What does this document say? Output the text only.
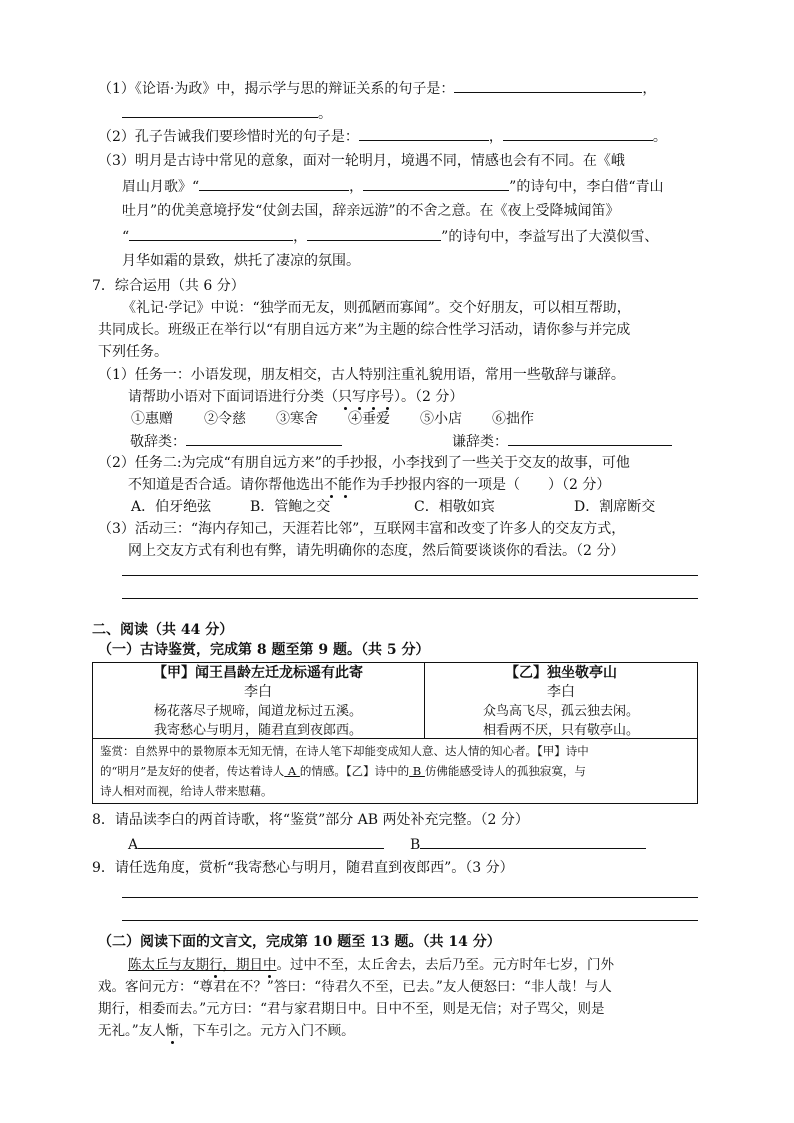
（1）《论语·为政》中，揭示学与思的辩证关系的句子是：	，
。
（2）孔子告诫我们要珍惜时光的句子是：	，	。
（3）明月是古诗中常见的意象，面对一轮明月，境遇不同，情感也会有不同。在《峨
眉山月歌》“	，	”的诗句中，李白借“青山
吐月”的优美意境抒发“仗剑去国，辞亲远游”的不舍之意。在《夜上受降城闻笛》
“	，	”的诗句中，李益写出了大漠似雪、
月华如霜的景致，烘托了凄凉的氛围。
7．综合运用（共 6 分）
《礼记·学记》中说：“独学而无友，则孤陋而寡闻”。交个好朋友，可以相互帮助，
共同成长。班级正在举行以“有朋自远方来”为主题的综合性学习活动，请你参与并完成
下列任务。
（1）任务一：小语发现，朋友相交，古人特别注重礼貌用语，常用一些敬辞与谦辞。
请帮助小语对下面词语进行分类（只写序号）。（2 分）
①惠赠 ②令慈 ③寒舍 ④垂爱 ⑤小店 ⑥拙作
敬辞类：	谦辞类：
（2）任务二:为完成“有朋自远方来”的手抄报，小李找到了一些关于交友的故事，可他
不知道是否合适。请你帮他选出不能作为手抄报内容的一项是（　　）（2 分）
A．伯牙绝弦	B．管鲍之交	C．相敬如宾	D．割席断交
（3）活动三：“海内存知己，天涯若比邻”，互联网丰富和改变了许多人的交友方式，
网上交友方式有利也有弊，请先明确你的态度，然后简要谈谈你的看法。（2 分）
二、阅读（共 44 分）
（一）古诗鉴赏，完成第 8 题至第 9 题。（共 5 分）
【甲】闻王昌龄左迁龙标遥有此寄
李白
杨花落尽子规啼，闻道龙标过五溪。
我寄愁心与明月，随君直到夜郎西。
【乙】独坐敬亭山
李白
众鸟高飞尽，孤云独去闲。
相看两不厌，只有敬亭山。
鉴赏：自然界中的景物原本无知无情，在诗人笔下却能变成知人意、达人情的知心者。【甲】诗中
的“明月”是友好的使者，传达着诗人 A 的情感。【乙】诗中的 B 仿佛能感受诗人的孤独寂寞，与
诗人相对而视，给诗人带来慰藉。
8．请品读李白的两首诗歌，将“鉴赏”部分 AB 两处补充完整。（2 分）
A	B
9．请任选角度，赏析“我寄愁心与明月，随君直到夜郎西”。（3 分）
（二）阅读下面的文言文，完成第 10 题至 13 题。（共 14 分）
陈太丘与友期行，期日中。过中不至，太丘舍去，去后乃至。元方时年七岁，门外
戏。客问元方：“尊君在不？”答曰：“待君久不至，已去。”友人便怒曰：“非人哉！与人
期行，相委而去。”元方曰：“君与家君期日中。日中不至，则是无信；对子骂父，则是
无礼。”友人惭，下车引之。元方入门不顾。
